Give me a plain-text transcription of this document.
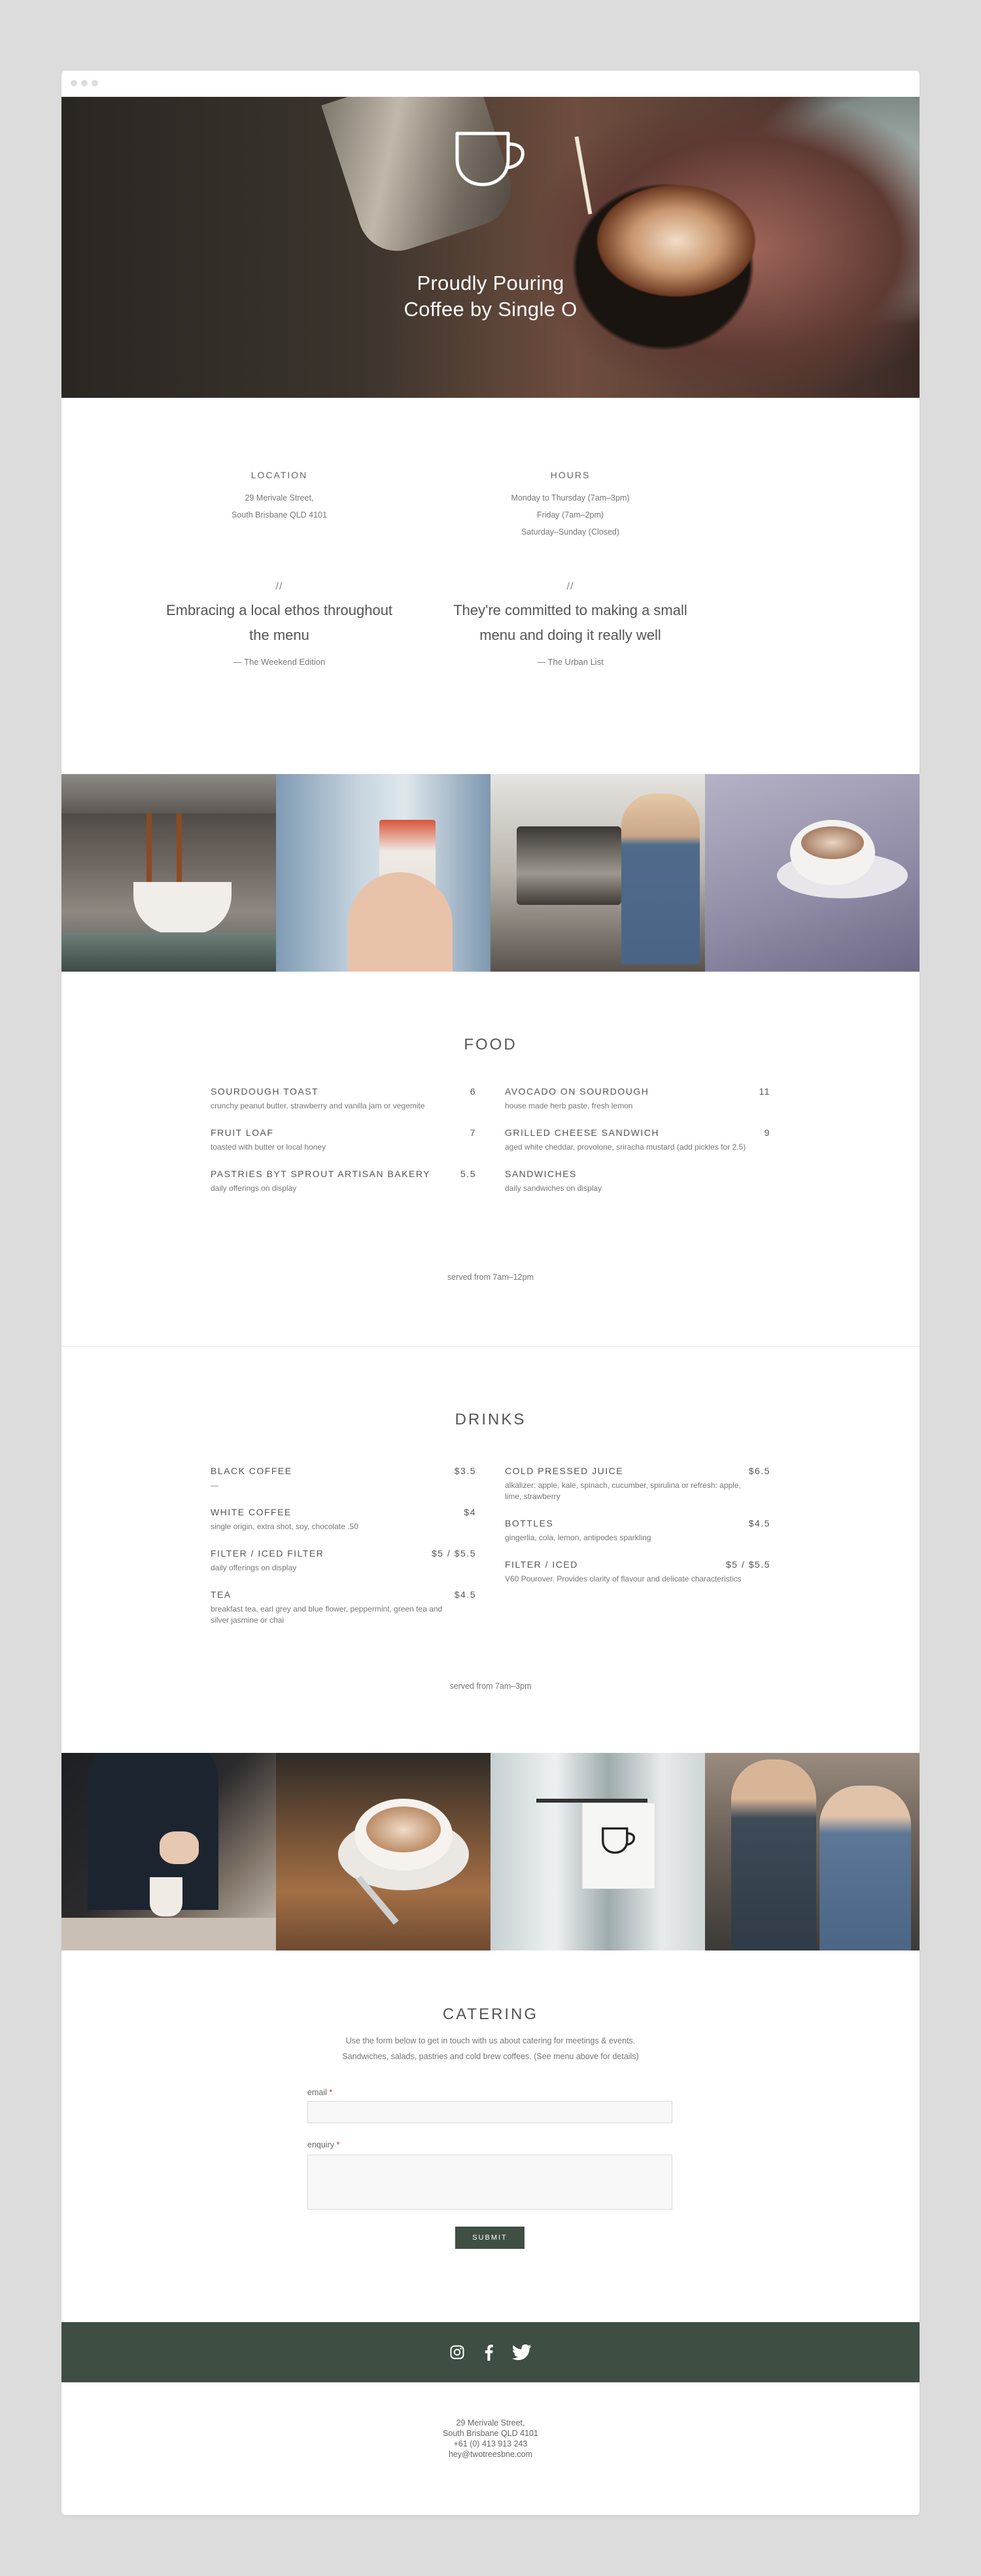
Proudly Pouring
Coffee by Single O
LOCATION
29 Merivale Street,
South Brisbane QLD 4101
HOURS
Monday to Thursday (7am–3pm)
Friday (7am–2pm)
Saturday–Sunday (Closed)
//
Embracing a local ethos throughout
the menu
— The Weekend Edition
//
They're committed to making a small
menu and doing it really well
— The Urban List
FOOD
SOURDOUGH TOAST	6
crunchy peanut butter, strawberry and vanilla jam or vegemite
FRUIT LOAF	7
toasted with butter or local honey
PASTRIES BYT SPROUT ARTISAN BAKERY	5.5
daily offerings on display
AVOCADO ON SOURDOUGH	11
house made herb paste, fresh lemon
GRILLED CHEESE SANDWICH	9
aged white cheddar, provolone, sriracha mustard (add pickles for 2.5)
SANDWICHES
daily sandwiches on display
served from 7am–12pm
DRINKS
BLACK COFFEE	$3.5
—
WHITE COFFEE	$4
single origin, extra shot, soy, chocolate .50
FILTER / ICED FILTER	$5 / $5.5
daily offerings on display
TEA	$4.5
breakfast tea, earl grey and blue flower, peppermint, green tea and silver jasmine or chai
COLD PRESSED JUICE	$6.5
alkalizer: apple, kale, spinach, cucumber, spirulina or refresh: apple, lime, strawberry
BOTTLES	$4.5
gingerlia, cola, lemon, antipodes sparkling
FILTER / ICED	$5 / $5.5
V60 Pourover. Provides clarity of flavour and delicate characteristics
served from 7am–3pm
CATERING
Use the form below to get in touch with us about catering for meetings & events.
Sandwiches, salads, pastries and cold brew coffees. (See menu above for details)
email *
enquiry *
SUBMIT
29 Merivale Street,
South Brisbane QLD 4101
+61 (0) 413 913 243
hey@twotreesbne.com
